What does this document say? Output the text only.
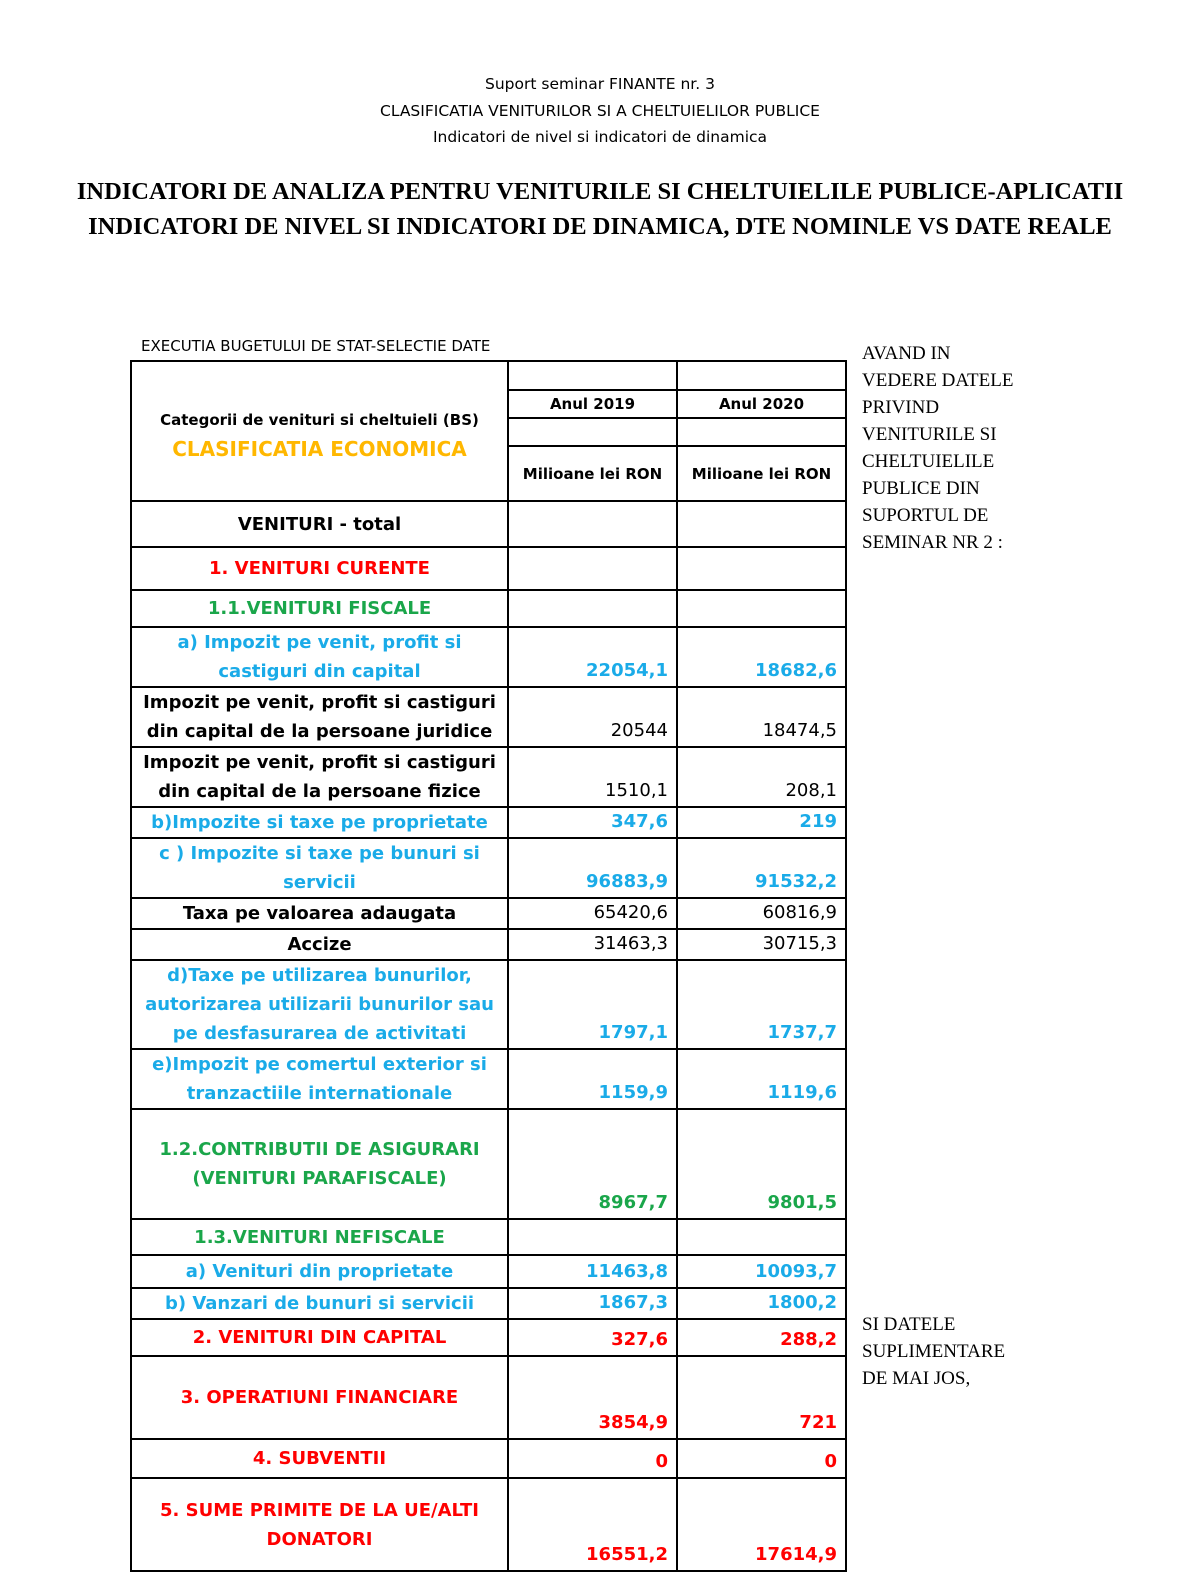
Suport seminar FINANTE nr. 3
CLASIFICATIA VENITURILOR SI A CHELTUIELILOR PUBLICE
Indicatori de nivel si indicatori de dinamica
INDICATORI DE ANALIZA PENTRU VENITURILE SI CHELTUIELILE PUBLICE-APLICATII INDICATORI DE NIVEL SI INDICATORI DE DINAMICA, DTE NOMINLE VS DATE REALE
EXECUTIA BUGETULUI DE STAT-SELECTIE DATE	AVAND IN
VEDERE DATELE
PRIVIND
VENITURILE SI
CHELTUIELILE
PUBLICE DIN
SUPORTUL DE
SEMINAR NR 2 :
SI DATELE
SUPLIMENTARE
DE MAI JOS,
Categorii de venituri si cheltuieli (BS)
CLASIFICATIA ECONOMICA		

	Anul 2019	Anul 2020

	Milioane lei RON	Milioane lei RON

VENITURI - total		
1. VENITURI CURENTE		
1.1.VENITURI FISCALE		
a) Impozit pe venit, profit si castiguri din capital	22054,1	18682,6
Impozit pe venit, profit si castiguri din capital de la persoane juridice	20544	18474,5
Impozit pe venit, profit si castiguri din capital de la persoane fizice	1510,1	208,1
b)Impozite si taxe pe proprietate	347,6	219
c ) Impozite si taxe pe bunuri si servicii	96883,9	91532,2
Taxa pe valoarea adaugata	65420,6	60816,9
Accize	31463,3	30715,3
d)Taxe pe utilizarea bunurilor, autorizarea utilizarii bunurilor sau pe desfasurarea de activitati	1797,1	1737,7
e)Impozit pe comertul exterior si tranzactiile internationale	1159,9	1119,6
1.2.CONTRIBUTII DE ASIGURARI (VENITURI PARAFISCALE)	8967,7	9801,5
1.3.VENITURI NEFISCALE		
a) Venituri din proprietate	11463,8	10093,7
b) Vanzari de bunuri si servicii	1867,3	1800,2
2. VENITURI DIN CAPITAL	327,6	288,2
3. OPERATIUNI FINANCIARE	3854,9	721
4. SUBVENTII	0	0
5. SUME PRIMITE DE LA UE/ALTI DONATORI	16551,2	17614,9
